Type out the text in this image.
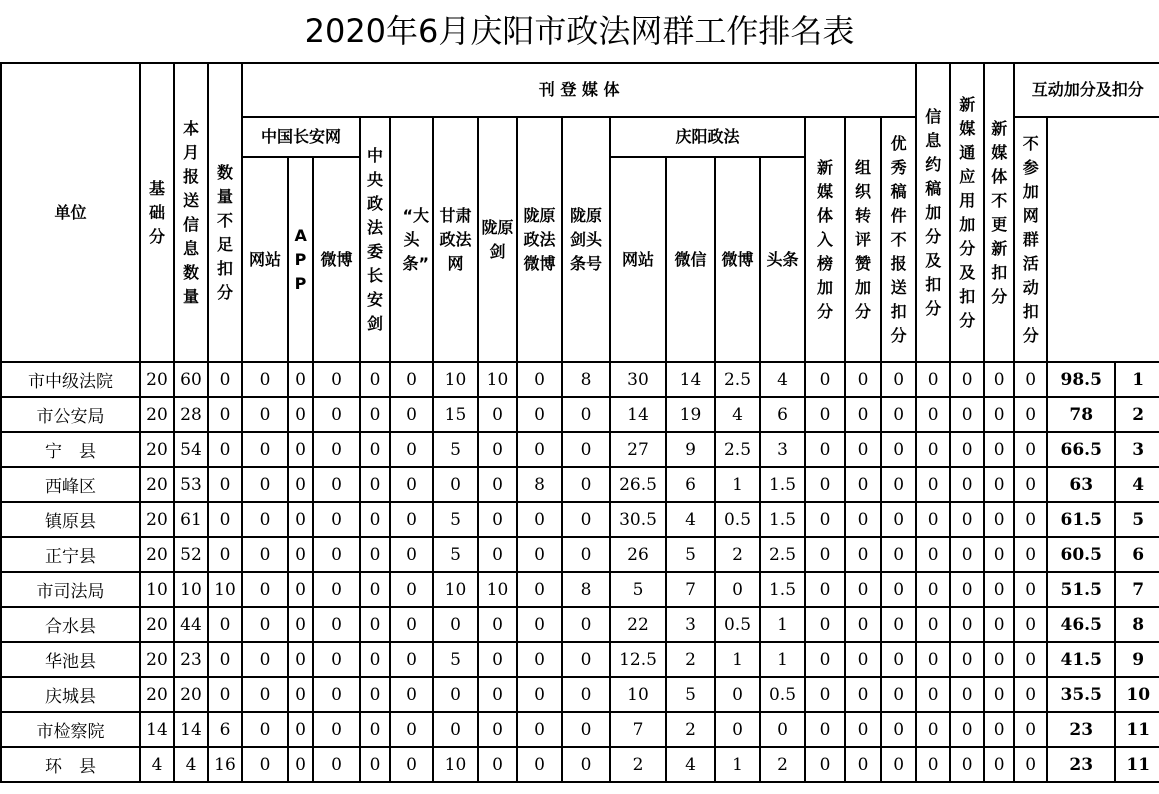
2020年6月庆阳市政法网群工作排名表
单位	基础分	本月报送信息数量	数量不足扣分	刊 登 媒 体																信息约稿加分及扣分	新媒通应用加分及扣分	新媒体不更新扣分	互动加分及扣分		
				中国长安网			中央政法委长安剑	“大头条”	甘肃政法网	陇原剑	陇原政法微博	陇原剑头条号	庆阳政法				新媒体入榜加分	组织转评赞加分	优秀稿件不报送扣分				不参加网群活动扣分			
				网站	APP	微博							网站	微信	微博	头条										

市中级法院	20	60	0	0	0	0	0	0	10	10	0	8	30	14	2.5	4	0	0	0	0	0	0	0	98.5	1	
市公安局	20	28	0	0	0	0	0	0	15	0	0	0	14	19	4	6	0	0	0	0	0	0	0	78	2	
宁　县	20	54	0	0	0	0	0	0	5	0	0	0	27	9	2.5	3	0	0	0	0	0	0	0	66.5	3	
西峰区	20	53	0	0	0	0	0	0	0	0	8	0	26.5	6	1	1.5	0	0	0	0	0	0	0	63	4	
镇原县	20	61	0	0	0	0	0	0	5	0	0	0	30.5	4	0.5	1.5	0	0	0	0	0	0	0	61.5	5	
正宁县	20	52	0	0	0	0	0	0	5	0	0	0	26	5	2	2.5	0	0	0	0	0	0	0	60.5	6	
市司法局	10	10	10	0	0	0	0	0	10	10	0	8	5	7	0	1.5	0	0	0	0	0	0	0	51.5	7	
合水县	20	44	0	0	0	0	0	0	0	0	0	0	22	3	0.5	1	0	0	0	0	0	0	0	46.5	8	
华池县	20	23	0	0	0	0	0	0	5	0	0	0	12.5	2	1	1	0	0	0	0	0	0	0	41.5	9	
庆城县	20	20	0	0	0	0	0	0	0	0	0	0	10	5	0	0.5	0	0	0	0	0	0	0	35.5	10	
市检察院	14	14	6	0	0	0	0	0	0	0	0	0	7	2	0	0	0	0	0	0	0	0	0	23	11	
环　县	4	4	16	0	0	0	0	0	10	0	0	0	2	4	1	2	0	0	0	0	0	0	0	23	11	
